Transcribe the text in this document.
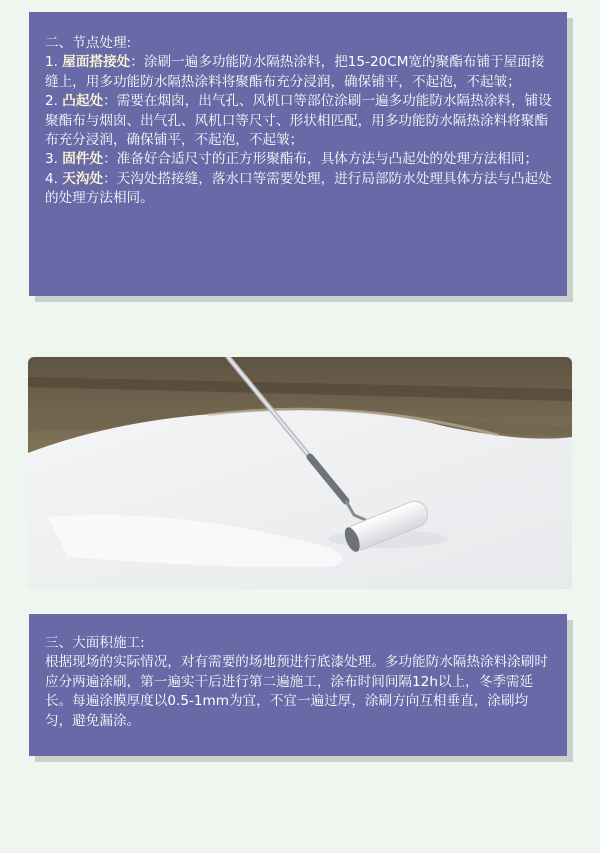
二、节点处理:

1. 屋面搭接处：涂刷一遍多功能防水隔热涂料，把15-20CM宽的聚酯布铺于屋面接缝上，用多功能防水隔热涂料将聚酯布充分浸润，确保铺平，不起泡，不起皱；

2. 凸起处：需要在烟囱，出气孔、风机口等部位涂刷一遍多功能防水隔热涂料，铺设聚酯布与烟囱、出气孔、风机口等尺寸、形状相匹配，用多功能防水隔热涂料将聚酯布充分浸润，确保铺平，不起泡，不起皱；

3. 固件处：准备好合适尺寸的正方形聚酯布，具体方法与凸起处的处理方法相同；

4. 天沟处：天沟处搭接缝，落水口等需要处理，进行局部防水处理具体方法与凸起处的处理方法相同。

三、大面积施工:

根据现场的实际情况，对有需要的场地预进行底漆处理。多功能防水隔热涂料涂刷时应分两遍涂刷，第一遍实干后进行第二遍施工，涂布时间间隔12h以上，冬季需延长。每遍涂膜厚度以0.5-1mm为宜，不宜一遍过厚，涂刷方向互相垂直，涂刷均匀，避免漏涂。
